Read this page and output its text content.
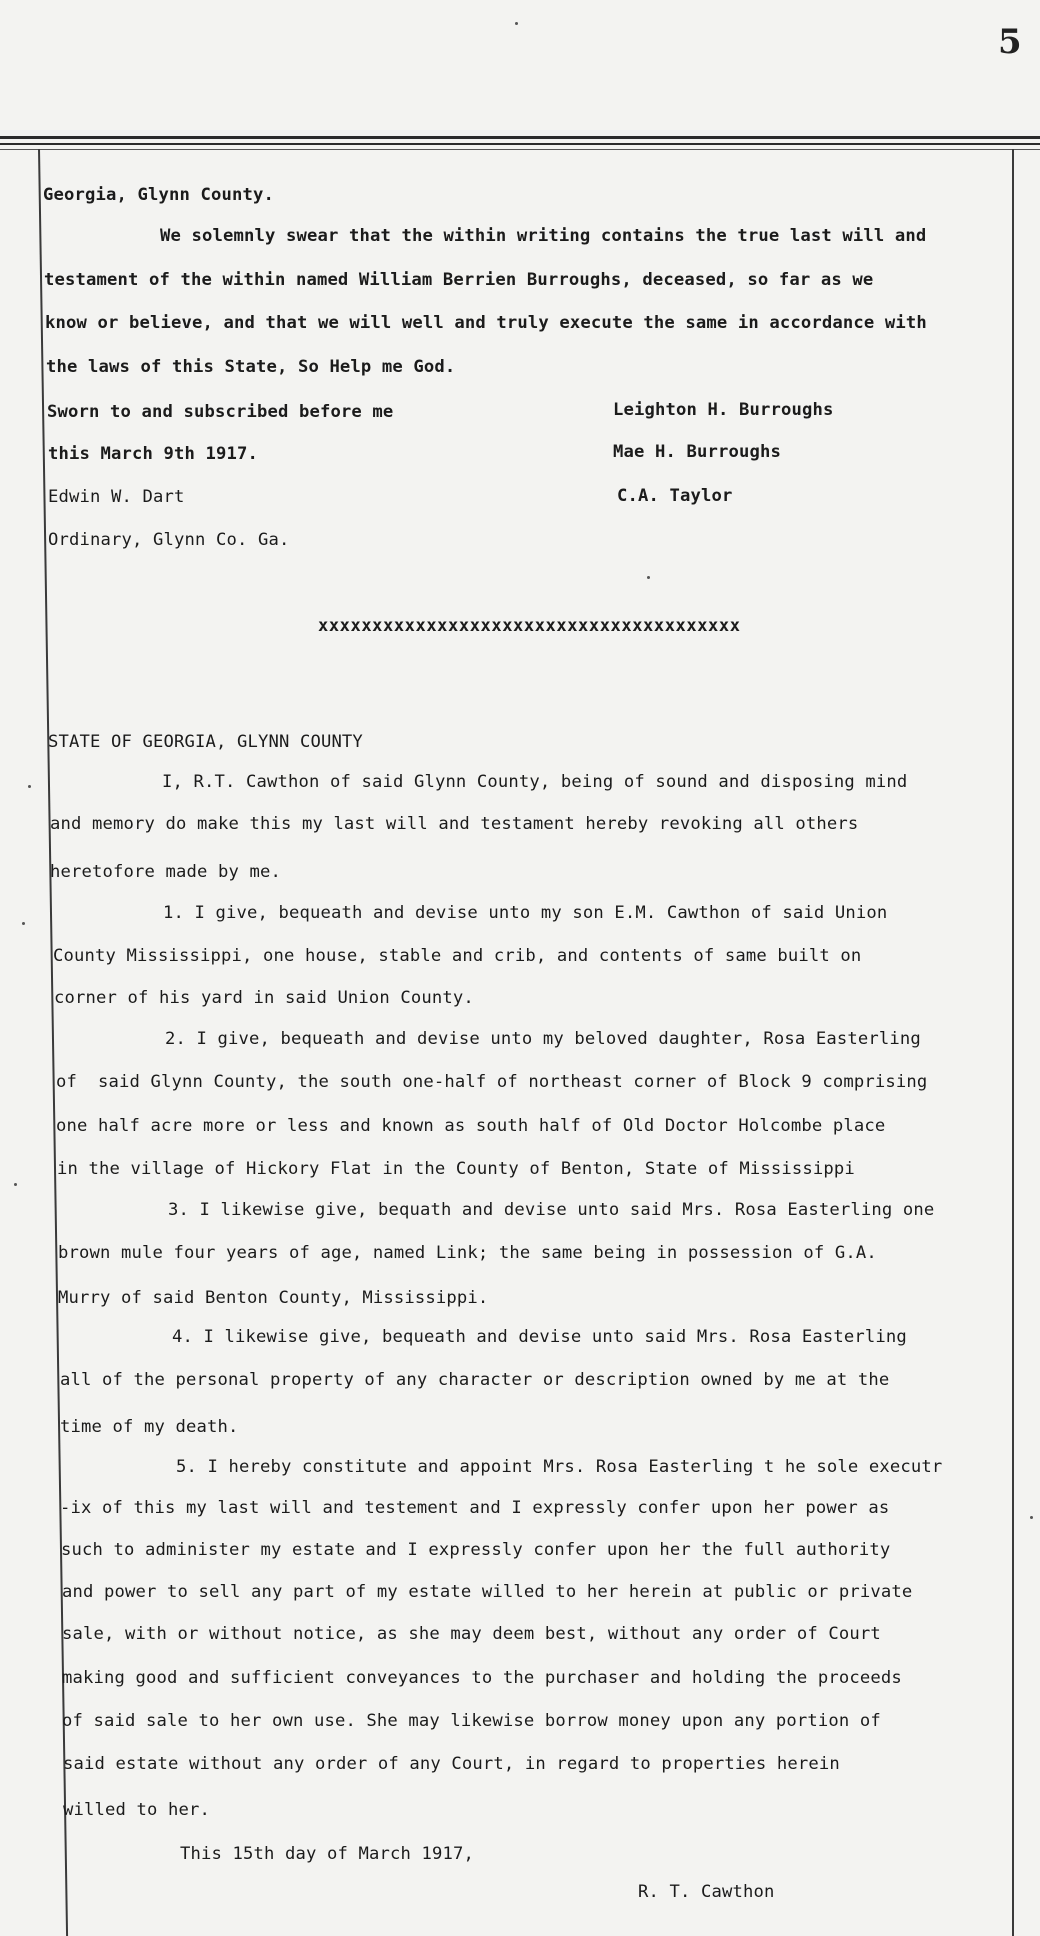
5
Georgia, Glynn County.
We solemnly swear that the within writing contains the true last will and
testament of the within named William Berrien Burroughs, deceased, so far as we
know or believe, and that we will well and truly execute the same in accordance with
the laws of this State, So Help me God.
Sworn to and subscribed before me
this March 9th 1917.
Edwin W. Dart
Ordinary, Glynn Co. Ga.
Leighton H. Burroughs
Mae H. Burroughs
C.A. Taylor
xxxxxxxxxxxxxxxxxxxxxxxxxxxxxxxxxxxxxxx
STATE OF GEORGIA, GLYNN COUNTY
I, R.T. Cawthon of said Glynn County, being of sound and disposing mind
and memory do make this my last will and testament hereby revoking all others
heretofore made by me.
1. I give, bequeath and devise unto my son E.M. Cawthon of said Union
County Mississippi, one house, stable and crib, and contents of same built on
corner of his yard in said Union County.
2. I give, bequeath and devise unto my beloved daughter, Rosa Easterling
of  said Glynn County, the south one-half of northeast corner of Block 9 comprising
one half acre more or less and known as south half of Old Doctor Holcombe place
in the village of Hickory Flat in the County of Benton, State of Mississippi
3. I likewise give, bequath and devise unto said Mrs. Rosa Easterling one
brown mule four years of age, named Link; the same being in possession of G.A.
Murry of said Benton County, Mississippi.
4. I likewise give, bequeath and devise unto said Mrs. Rosa Easterling
all of the personal property of any character or description owned by me at the
time of my death.
5. I hereby constitute and appoint Mrs. Rosa Easterling t he sole executr
-ix of this my last will and testement and I expressly confer upon her power as
such to administer my estate and I expressly confer upon her the full authority
and power to sell any part of my estate willed to her herein at public or private
sale, with or without notice, as she may deem best, without any order of Court
making good and sufficient conveyances to the purchaser and holding the proceeds
of said sale to her own use. She may likewise borrow money upon any portion of
said estate without any order of any Court, in regard to properties herein
willed to her.
This 15th day of March 1917,
R. T. Cawthon
